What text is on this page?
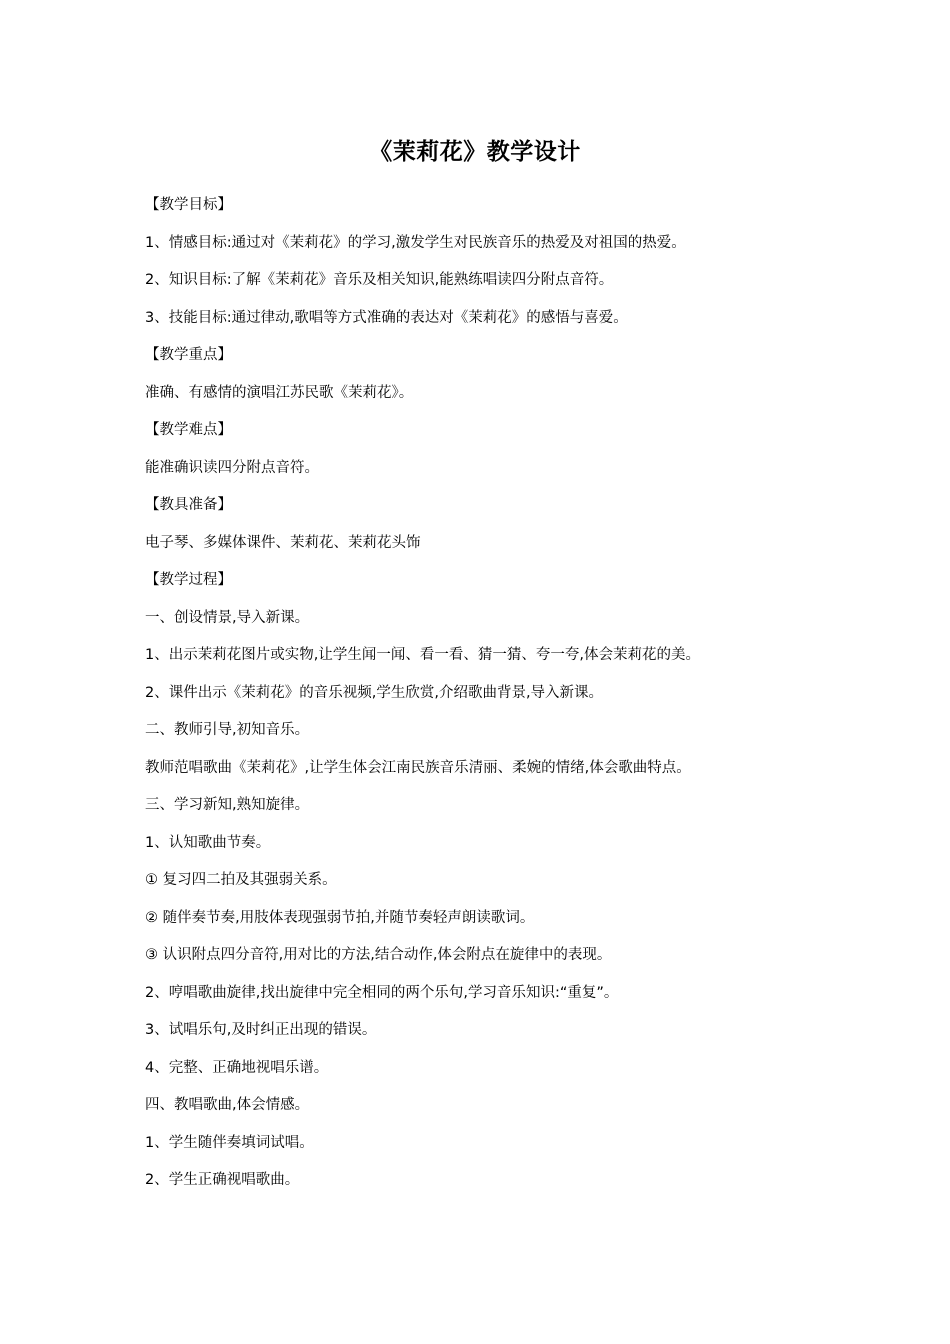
《茉莉花》教学设计
【教学目标】
1、情感目标:通过对《茉莉花》的学习,激发学生对民族音乐的热爱及对祖国的热爱。
2、知识目标:了解《茉莉花》音乐及相关知识,能熟练唱读四分附点音符。
3、技能目标:通过律动,歌唱等方式准确的表达对《茉莉花》的感悟与喜爱。
【教学重点】
准确、有感情的演唱江苏民歌《茉莉花》。
【教学难点】
能准确识读四分附点音符。
【教具准备】
电子琴、多媒体课件、茉莉花、茉莉花头饰
【教学过程】
一、创设情景,导入新课。
1、出示茉莉花图片或实物,让学生闻一闻、看一看、猜一猜、夸一夸,体会茉莉花的美。
2、课件出示《茉莉花》的音乐视频,学生欣赏,介绍歌曲背景,导入新课。
二、教师引导,初知音乐。
教师范唱歌曲《茉莉花》,让学生体会江南民族音乐清丽、柔婉的情绪,体会歌曲特点。
三、学习新知,熟知旋律。
1、认知歌曲节奏。
① 复习四二拍及其强弱关系。
② 随伴奏节奏,用肢体表现强弱节拍,并随节奏轻声朗读歌词。
③ 认识附点四分音符,用对比的方法,结合动作,体会附点在旋律中的表现。
2、哼唱歌曲旋律,找出旋律中完全相同的两个乐句,学习音乐知识:“重复”。
3、试唱乐句,及时纠正出现的错误。
4、完整、正确地视唱乐谱。
四、教唱歌曲,体会情感。
1、学生随伴奏填词试唱。
2、学生正确视唱歌曲。
